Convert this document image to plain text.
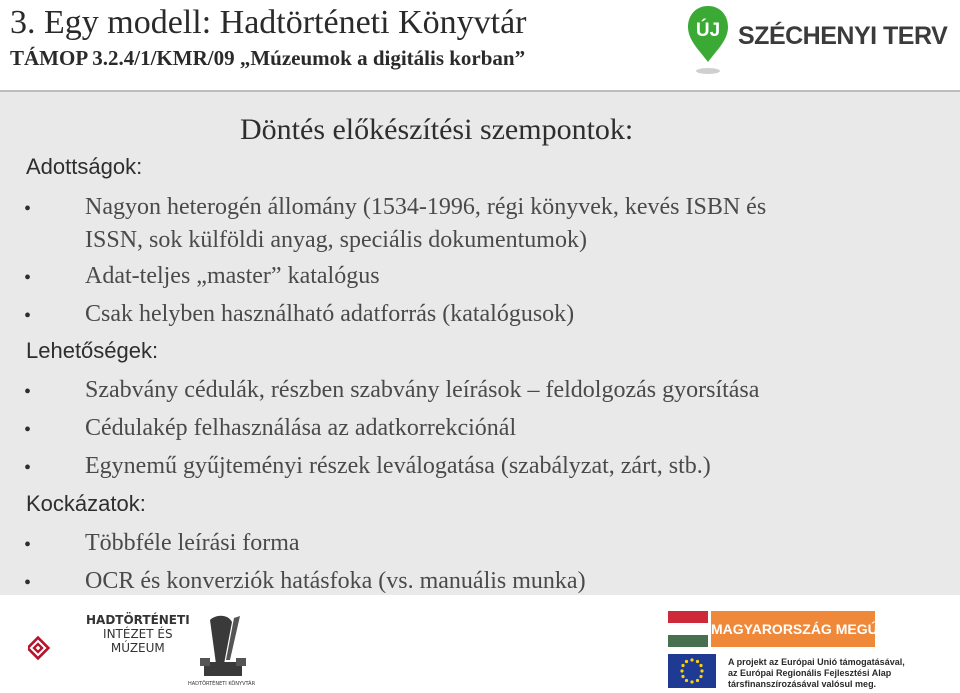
3. Egy modell: Hadtörténeti Könyvtár
TÁMOP 3.2.4/1/KMR/09 „Múzeumok a digitális korban”
ÚJ SZÉCHENYI TERV
Döntés előkészítési szempontok:
Adottságok:
• Nagyon heterogén állomány (1534-1996, régi könyvek, kevés ISBN és
ISSN, sok külföldi anyag, speciális dokumentumok)
• Adat-teljes „master” katalógus
• Csak helyben használható adatforrás (katalógusok)
Lehetőségek:
• Szabvány cédulák, részben szabvány leírások – feldolgozás gyorsítása
• Cédulakép felhasználása az adatkorrekciónál
• Egynemű gyűjteményi részek leválogatása (szabályzat, zárt, stb.)
Kockázatok:
• Többféle leírási forma
• OCR és konverziók hatásfoka (vs. manuális munka)
HADTÖRTÉNETI
INTÉZET ÉS
MÚZEUM
HADTÖRTÉNETI KÖNYVTÁR
MAGYARORSZÁG MEGÚJUL
A projekt az Európai Unió támogatásával,
az Európai Regionális Fejlesztési Alap
társfinanszírozásával valósul meg.
